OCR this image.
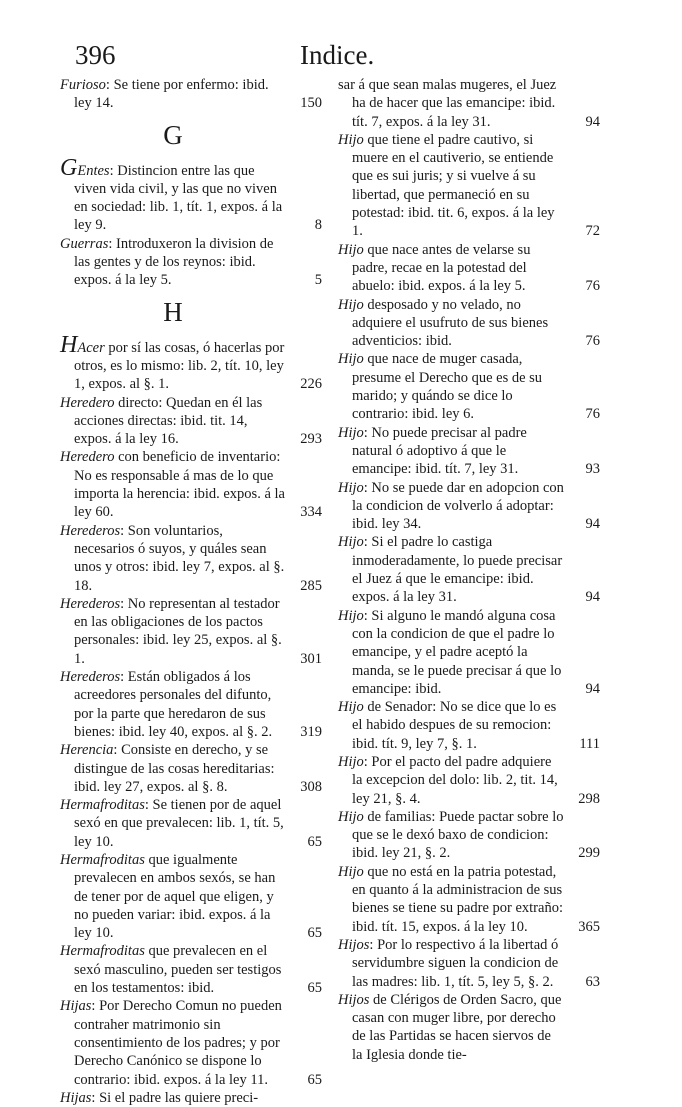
396	Indice.

Furioso: Se tiene por enfermo: ibid. ley 14.	150

G

GEntes: Distincion entre las que viven vida civil, y las que no viven en sociedad: lib. 1, tít. 1, expos. á la ley 9.	8

Guerras: Introduxeron la division de las gentes y de los reynos: ibid. expos. á la ley 5.	5

H

HAcer por sí las cosas, ó hacerlas por otros, es lo mismo: lib. 2, tít. 10, ley 1, expos. al §. 1.	226

Heredero directo: Quedan en él las acciones directas: ibid. tit. 14, expos. á la ley 16.	293

Heredero con beneficio de inventario: No es responsable á mas de lo que importa la herencia: ibid. expos. á la ley 60.	334

Herederos: Son voluntarios, necesarios ó suyos, y quáles sean unos y otros: ibid. ley 7, expos. al §. 18.	285

Herederos: No representan al testador en las obligaciones de los pactos personales: ibid. ley 25, expos. al §. 1.	301

Herederos: Están obligados á los acreedores personales del difunto, por la parte que heredaron de sus bienes: ibid. ley 40, expos. al §. 2. 319

Herencia: Consiste en derecho, y se distingue de las cosas hereditarias: ibid. ley 27, expos. al §. 8.	308

Hermafroditas: Se tienen por de aquel sexó en que prevalecen: lib. 1, tít. 5, ley 10.	65

Hermafroditas que igualmente prevalecen en ambos sexós, se han de tener por de aquel que eligen, y no pueden variar: ibid. expos. á la ley 10.	65

Hermafroditas que prevalecen en el sexó masculino, pueden ser testigos en los testamentos: ibid.	65

Hijas: Por Derecho Comun no pueden contraher matrimonio sin consentimiento de los padres; y por Derecho Canónico se dispone lo contrario: ibid. expos. á la ley 11.	65

Hijas: Si el padre las quiere preci-

sar á que sean malas mugeres, el Juez ha de hacer que las emancipe: ibid. tít. 7, expos. á la ley 31.	94

Hijo que tiene el padre cautivo, si muere en el cautiverio, se entiende que es sui juris; y si vuelve á su libertad, que permaneció en su potestad: ibid. tit. 6, expos. á la ley 1.	72

Hijo que nace antes de velarse su padre, recae en la potestad del abuelo: ibid. expos. á la ley 5.	76

Hijo desposado y no velado, no adquiere el usufruto de sus bienes adventicios: ibid.	76

Hijo que nace de muger casada, presume el Derecho que es de su marido; y quándo se dice lo contrario: ibid. ley 6.	76

Hijo: No puede precisar al padre natural ó adoptivo á que le emancipe: ibid. tít. 7, ley 31.	93

Hijo: No se puede dar en adopcion con la condicion de volverlo á adoptar: ibid. ley 34.	94

Hijo: Si el padre lo castiga inmoderadamente, lo puede precisar el Juez á que le emancipe: ibid. expos. á la ley 31.	94

Hijo: Si alguno le mandó alguna cosa con la condicion de que el padre lo emancipe, y el padre aceptó la manda, se le puede precisar á que lo emancipe: ibid.	94

Hijo de Senador: No se dice que lo es el habido despues de su remocion: ibid. tít. 9, ley 7, §. 1.	111

Hijo: Por el pacto del padre adquiere la excepcion del dolo: lib. 2, tit. 14, ley 21, §. 4.	298

Hijo de familias: Puede pactar sobre lo que se le dexó baxo de condicion: ibid. ley 21, §. 2.	299

Hijo que no está en la patria potestad, en quanto á la administracion de sus bienes se tiene su padre por extraño: ibid. tít. 15, expos. á la ley 10.	365

Hijos: Por lo respectivo á la libertad ó servidumbre siguen la condicion de las madres: lib. 1, tít. 5, ley 5, §. 2. 63

Hijos de Clérigos de Orden Sacro, que casan con muger libre, por derecho de las Partidas se hacen siervos de la Iglesia donde tie-
